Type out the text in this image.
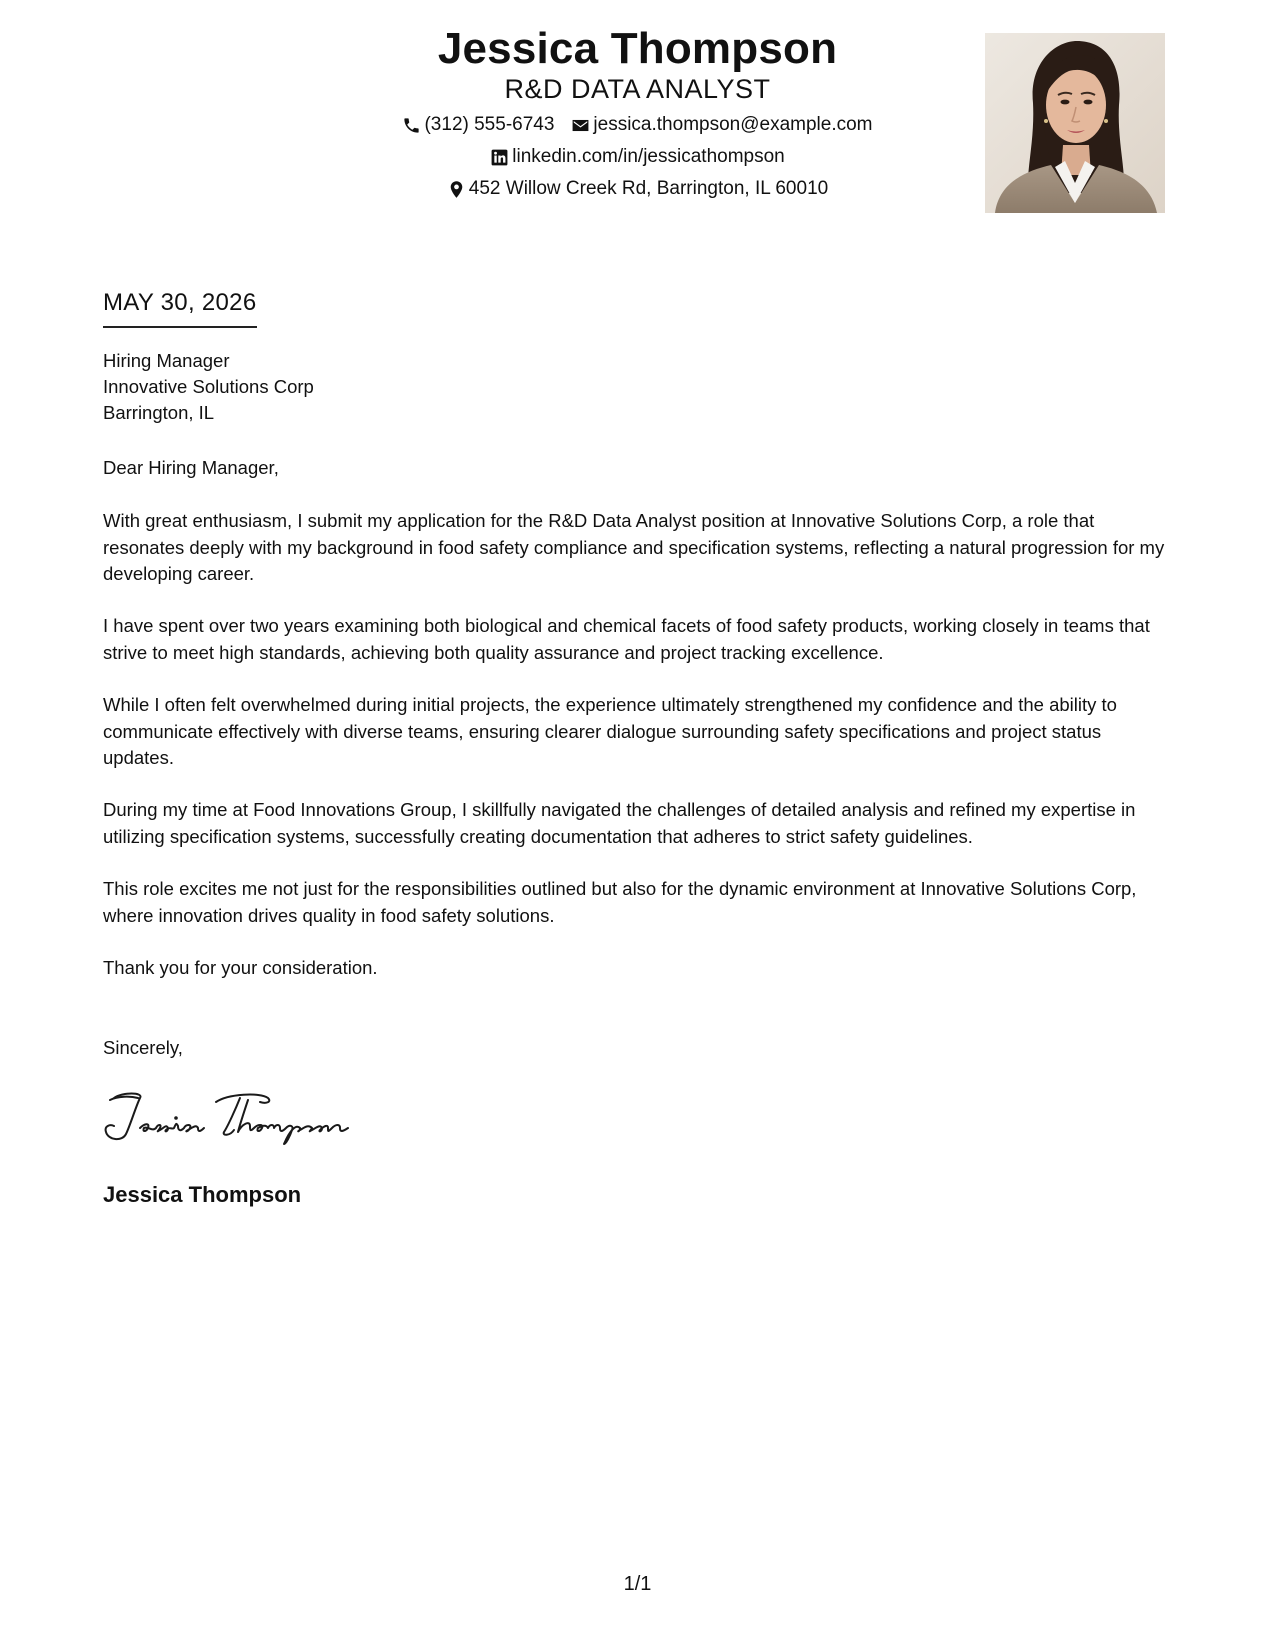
Jessica Thompson
R&D DATA ANALYST
(312) 555-6743 jessica.thompson@example.com
linkedin.com/in/jessicathompson
452 Willow Creek Rd, Barrington, IL 60010
MAY 30, 2026
Hiring Manager
Innovative Solutions Corp
Barrington, IL
Dear Hiring Manager,
With great enthusiasm, I submit my application for the R&D Data Analyst position at Innovative Solutions Corp, a role that resonates deeply with my background in food safety compliance and specification systems, reflecting a natural progression for my developing career.
I have spent over two years examining both biological and chemical facets of food safety products, working closely in teams that strive to meet high standards, achieving both quality assurance and project tracking excellence.
While I often felt overwhelmed during initial projects, the experience ultimately strengthened my confidence and the ability to communicate effectively with diverse teams, ensuring clearer dialogue surrounding safety specifications and project status updates.
During my time at Food Innovations Group, I skillfully navigated the challenges of detailed analysis and refined my expertise in utilizing specification systems, successfully creating documentation that adheres to strict safety guidelines.
This role excites me not just for the responsibilities outlined but also for the dynamic environment at Innovative Solutions Corp, where innovation drives quality in food safety solutions.
Thank you for your consideration.
Sincerely,
Jessica Thompson
1/1
